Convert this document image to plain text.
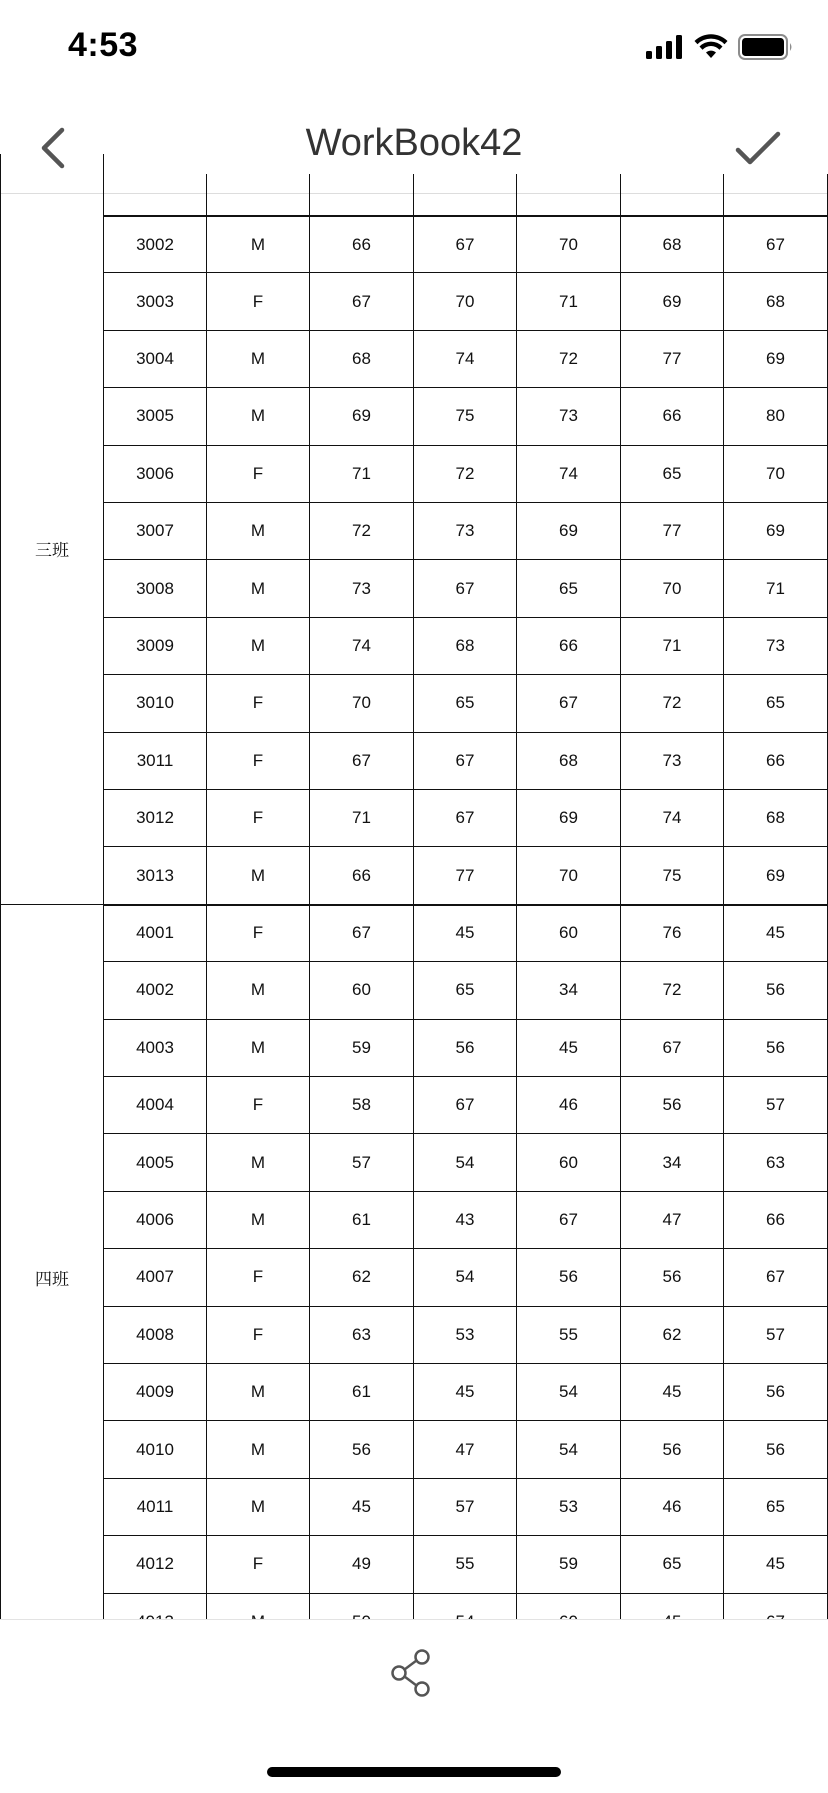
4:53
WorkBook42
三班
3002	M	66	67	70	68	67
3003	F	67	70	71	69	68
3004	M	68	74	72	77	69
3005	M	69	75	73	66	80
3006	F	71	72	74	65	70
3007	M	72	73	69	77	69
3008	M	73	67	65	70	71
3009	M	74	68	66	71	73
3010	F	70	65	67	72	65
3011	F	67	67	68	73	66
3012	F	71	67	69	74	68
3013	M	66	77	70	75	69
四班
4001	F	67	45	60	76	45
4002	M	60	65	34	72	56
4003	M	59	56	45	67	56
4004	F	58	67	46	56	57
4005	M	57	54	60	34	63
4006	M	61	43	67	47	66
4007	F	62	54	56	56	67
4008	F	63	53	55	62	57
4009	M	61	45	54	45	56
4010	M	56	47	54	56	56
4011	M	45	57	53	46	65
4012	F	49	55	59	65	45
